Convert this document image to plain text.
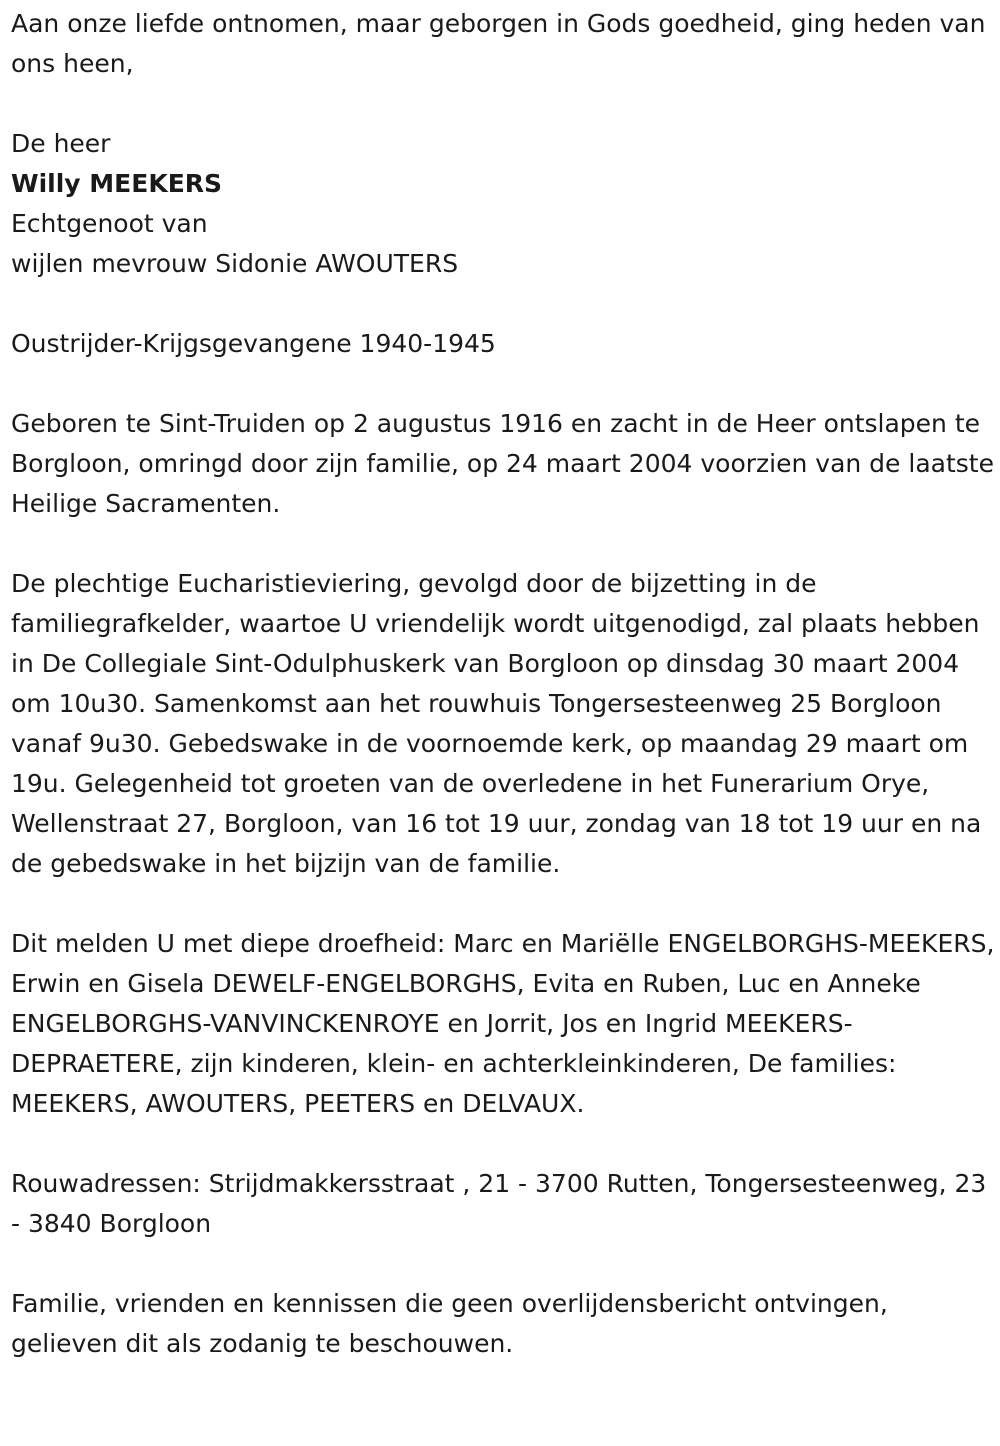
Aan onze liefde ontnomen, maar geborgen in Gods goedheid, ging heden van ons heen,

De heer

Willy MEEKERS

Echtgenoot van

wijlen mevrouw Sidonie AWOUTERS

Oustrijder-Krijgsgevangene 1940-1945

Geboren te Sint-Truiden op 2 augustus 1916 en zacht in de Heer ontslapen te Borgloon, omringd door zijn familie, op 24 maart 2004 voorzien van de laatste Heilige Sacramenten.

De plechtige Eucharistieviering, gevolgd door de bijzetting in de familiegrafkelder, waartoe U vriendelijk wordt uitgenodigd, zal plaats hebben in De Collegiale Sint-Odulphuskerk van Borgloon op dinsdag 30 maart 2004 om 10u30. Samenkomst aan het rouwhuis Tongersesteenweg 25 Borgloon vanaf 9u30. Gebedswake in de voornoemde kerk, op maandag 29 maart om 19u. Gelegenheid tot groeten van de overledene in het Funerarium Orye, Wellenstraat 27, Borgloon, van 16 tot 19 uur, zondag van 18 tot 19 uur en na de gebedswake in het bijzijn van de familie.

Dit melden U met diepe droefheid: Marc en Mariëlle ENGELBORGHS-MEEKERS, Erwin en Gisela DEWELF-ENGELBORGHS, Evita en Ruben, Luc en Anneke ENGELBORGHS-VANVINCKENROYE en Jorrit, Jos en Ingrid MEEKERS-DEPRAETERE, zijn kinderen, klein- en achterkleinkinderen, De families: MEEKERS, AWOUTERS, PEETERS en DELVAUX.

Rouwadressen: Strijdmakkersstraat , 21 - 3700 Rutten, Tongersesteenweg, 23 - 3840 Borgloon

Familie, vrienden en kennissen die geen overlijdensbericht ontvingen, gelieven dit als zodanig te beschouwen.
